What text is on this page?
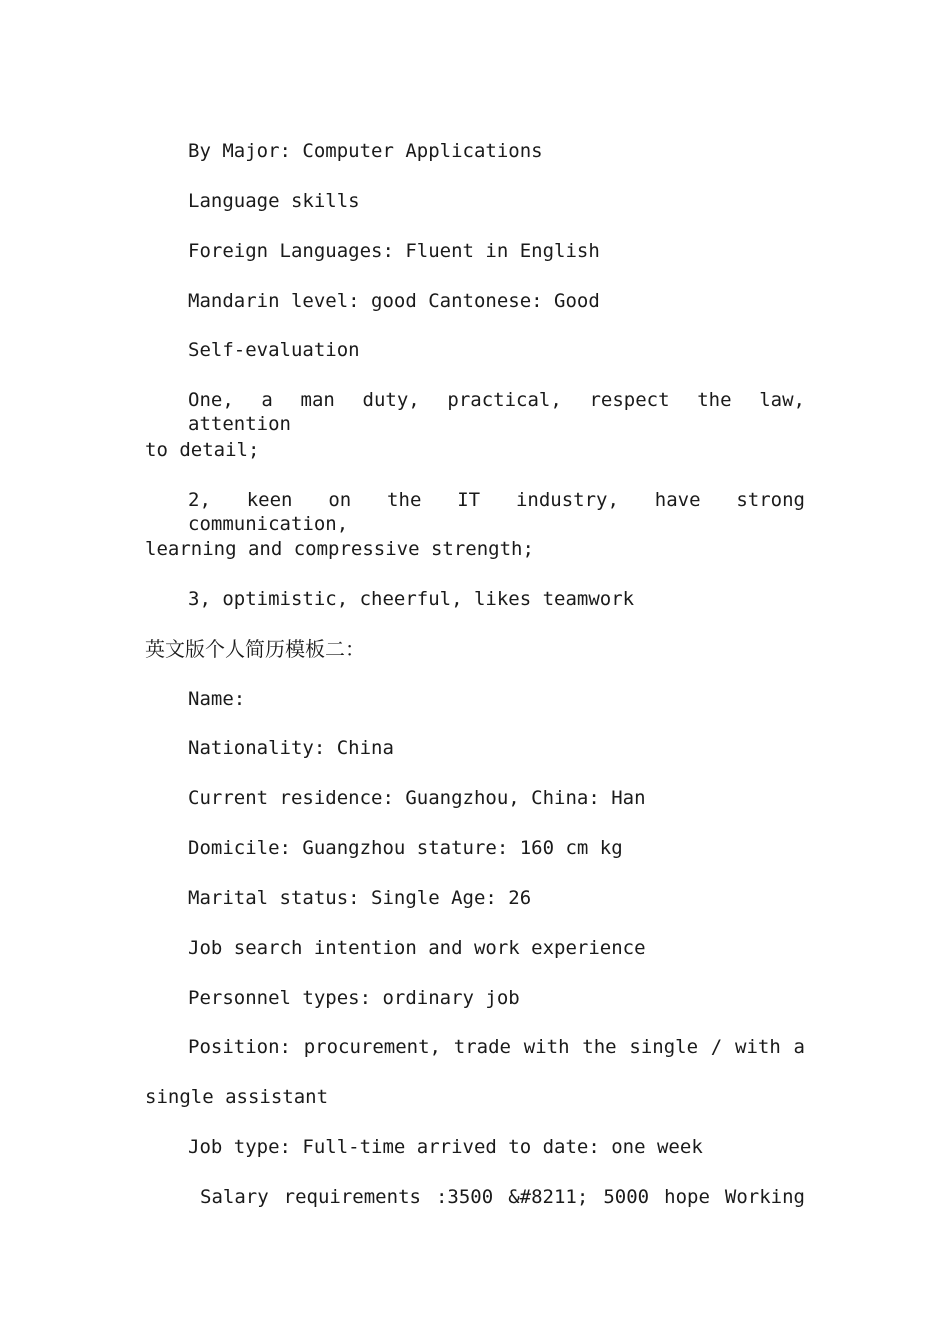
By Major: Computer Applications
Language skills
Foreign Languages: Fluent in English
Mandarin level: good Cantonese: Good
Self-evaluation
One, a man duty, practical, respect the law, attention
to detail;
2, keen on the IT industry, have strong communication,
learning and compressive strength;
3, optimistic, cheerful, likes teamwork
英文版个人简历模板二：
Name:
Nationality: China
Current residence: Guangzhou, China: Han
Domicile: Guangzhou stature: 160 cm kg
Marital status: Single Age: 26
Job search intention and work experience
Personnel types: ordinary job
Position: procurement, trade with the single / with a
single assistant
Job type: Full-time arrived to date: one week
Salary requirements :3500 &#8211; 5000 hope Working
